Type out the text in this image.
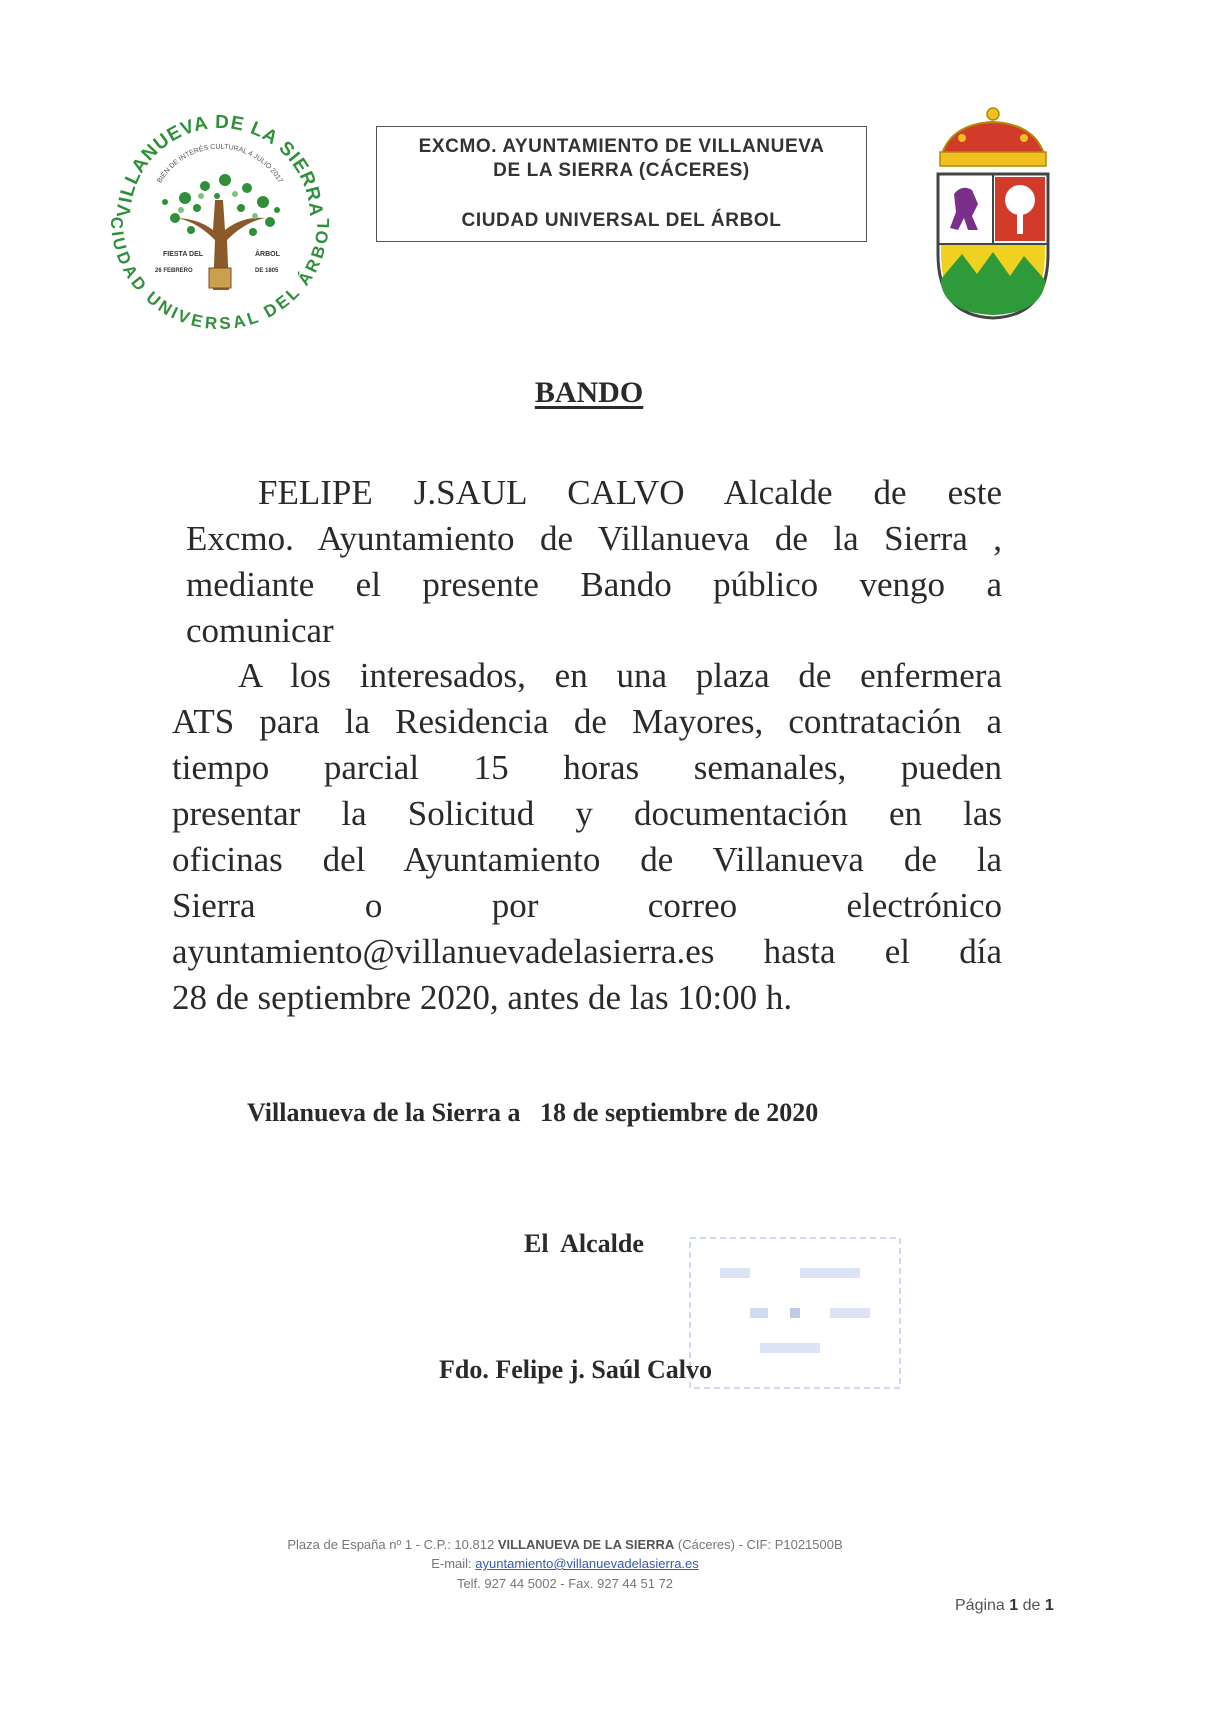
VILLANUEVA DE LA SIERRA
CIUDAD UNIVERSAL DEL ÁRBOL
BIEN DE INTERÉS CULTURAL 4 JULIO 2017
FIESTA DEL	ÁRBOL
26 FEBRERO	DE 1805
EXCMO. AYUNTAMIENTO DE VILLANUEVA
DE LA SIERRA (CÁCERES)
CIUDAD UNIVERSAL DEL ÁRBOL
BANDO
FELIPE J.SAUL CALVO Alcalde de este
Excmo. Ayuntamiento de Villanueva de la Sierra ,
mediante el presente Bando público vengo a
comunicar
A los interesados, en una plaza de enfermera
ATS para la Residencia de Mayores, contratación a
tiempo parcial 15 horas semanales, pueden
presentar la Solicitud y documentación en las
oficinas del Ayuntamiento de Villanueva de la
Sierra o por correo electrónico
ayuntamiento@villanuevadelasierra.es hasta el día
28 de septiembre 2020, antes de las 10:00 h.
Villanueva de la Sierra a   18 de septiembre de 2020
El  Alcalde
Fdo. Felipe j. Saúl Calvo
Plaza de España nº 1 - C.P.: 10.812 VILLANUEVA DE LA SIERRA (Cáceres) - CIF: P1021500B
E-mail: ayuntamiento@villanuevadelasierra.es
Telf. 927 44 5002 - Fax. 927 44 51 72
Página 1 de 1
